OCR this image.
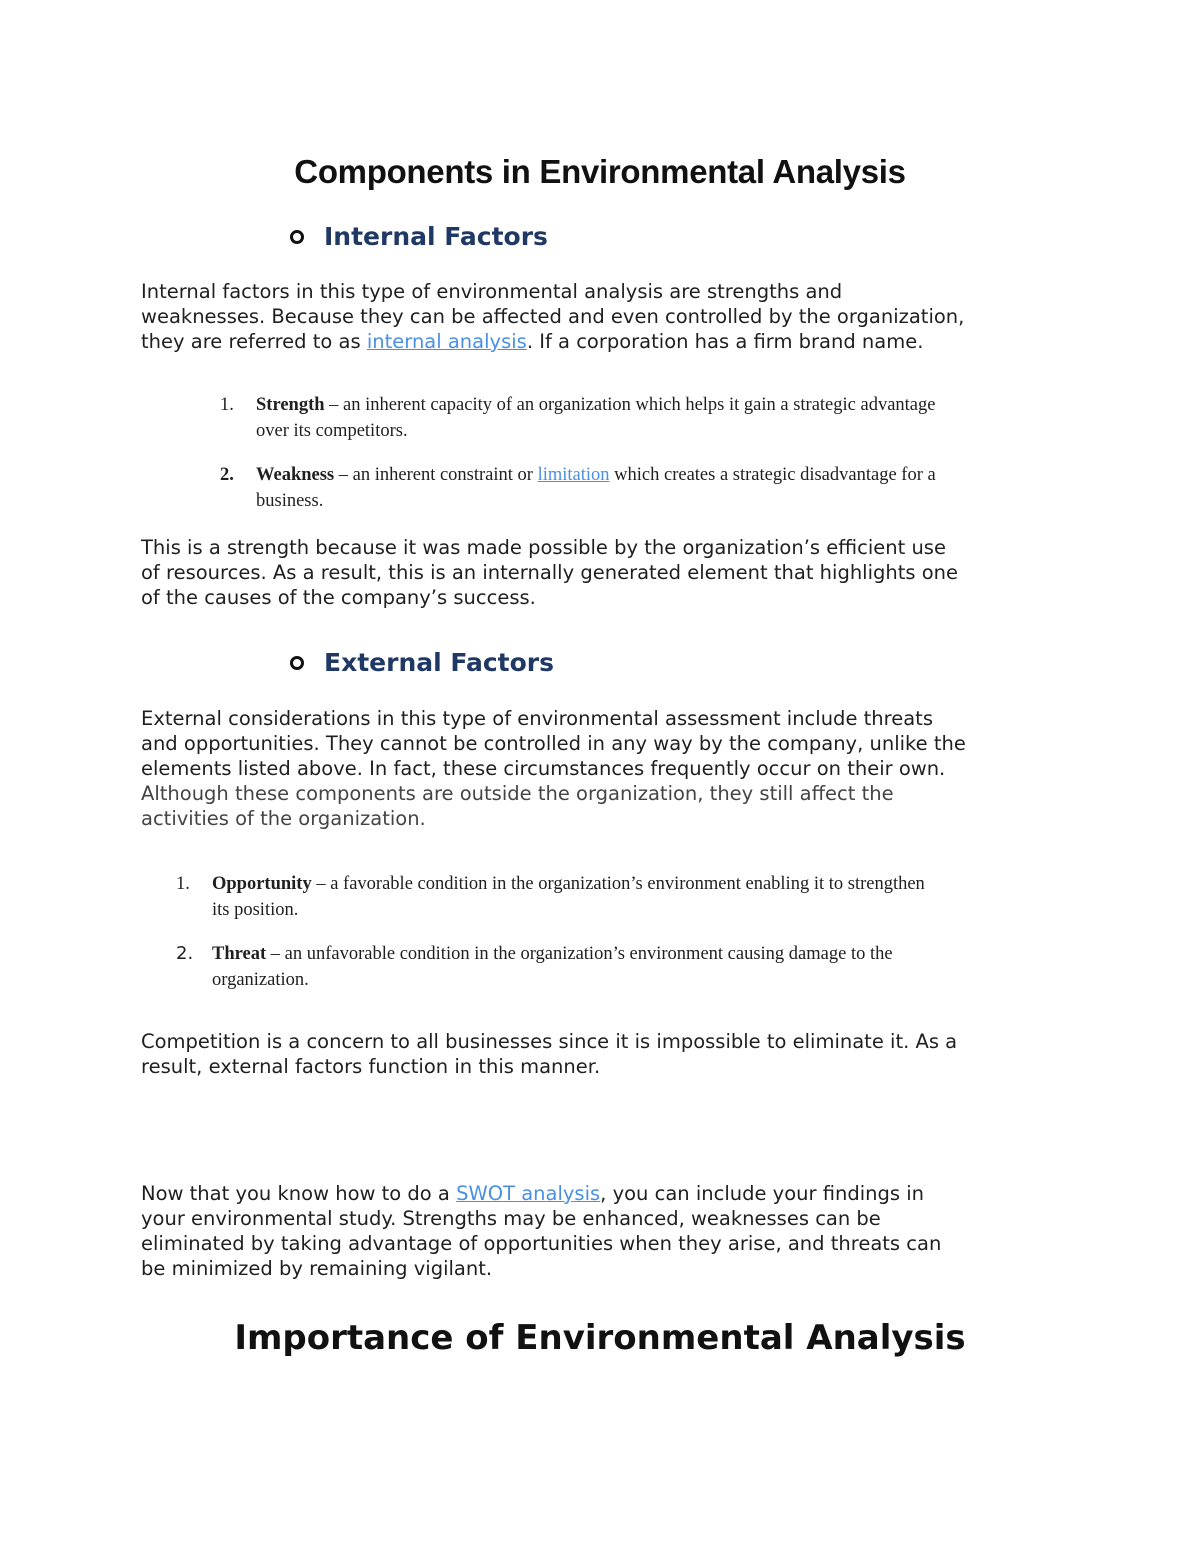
Components in Environmental Analysis
Internal Factors

Internal factors in this type of environmental analysis are strengths and
weaknesses. Because they can be affected and even controlled by the organization,
they are referred to as internal analysis. If a corporation has a firm brand name.

1. Strength – an inherent capacity of an organization which helps it gain a strategic advantage
over its competitors.
2. Weakness – an inherent constraint or limitation which creates a strategic disadvantage for a
business.

This is a strength because it was made possible by the organization’s efficient use
of resources. As a result, this is an internally generated element that highlights one
of the causes of the company’s success.

External Factors

External considerations in this type of environmental assessment include threats
and opportunities. They cannot be controlled in any way by the company, unlike the
elements listed above. In fact, these circumstances frequently occur on their own.
Although these components are outside the organization, they still affect the
activities of the organization.

1. Opportunity – a favorable condition in the organization’s environment enabling it to strengthen
its position.
2. Threat – an unfavorable condition in the organization’s environment causing damage to the
organization.

Competition is a concern to all businesses since it is impossible to eliminate it. As a
result, external factors function in this manner.

Now that you know how to do a SWOT analysis, you can include your findings in
your environmental study. Strengths may be enhanced, weaknesses can be
eliminated by taking advantage of opportunities when they arise, and threats can
be minimized by remaining vigilant.

Importance of Environmental Analysis
